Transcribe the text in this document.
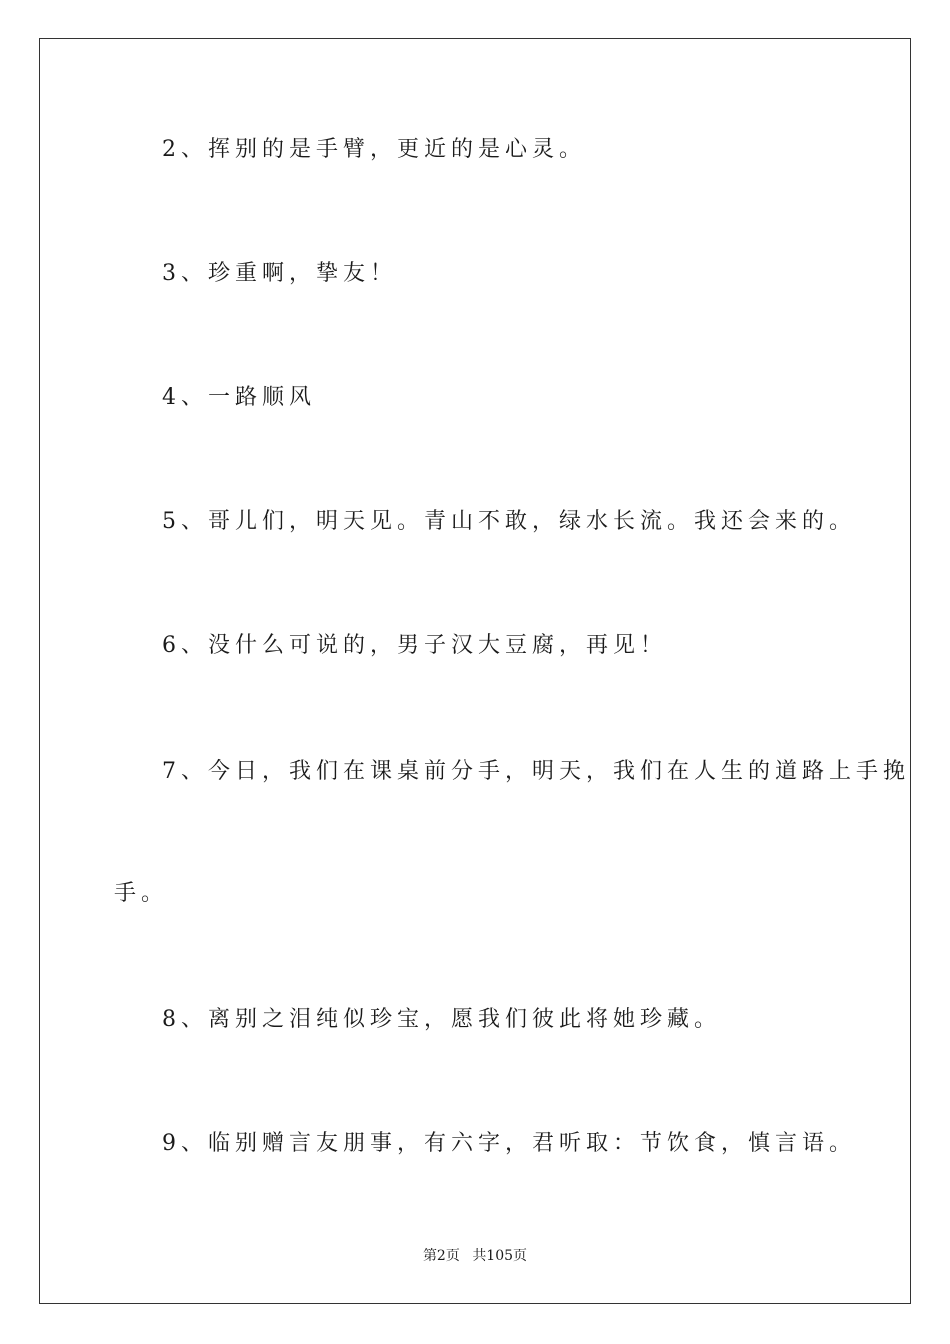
2、挥别的是手臂，更近的是心灵。
3、珍重啊，挚友！
4、一路顺风
5、哥儿们，明天见。青山不敢，绿水长流。我还会来的。
6、没什么可说的，男子汉大豆腐，再见！
7、今日，我们在课桌前分手，明天，我们在人生的道路上手挽
手。
8、离别之泪纯似珍宝，愿我们彼此将她珍藏。
9、临别赠言友朋事，有六字，君听取：节饮食，慎言语。
第2页 共105页
